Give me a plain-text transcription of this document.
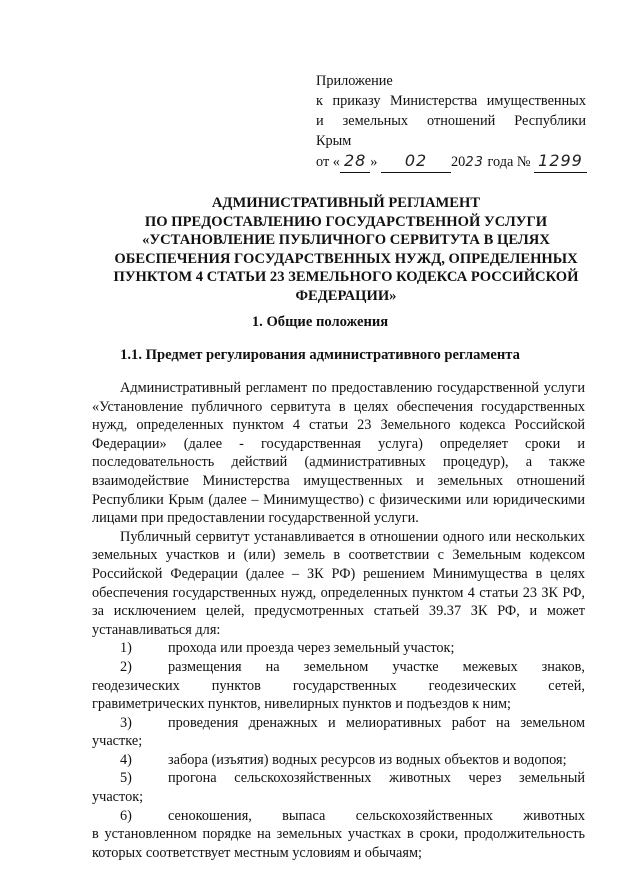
Приложение
к приказу Министерства имущественных
и земельных отношений Республики
Крым
от « 28 » 02 2023 года № 1299
АДМИНИСТРАТИВНЫЙ РЕГЛАМЕНТ
ПО ПРЕДОСТАВЛЕНИЮ ГОСУДАРСТВЕННОЙ УСЛУГИ
«УСТАНОВЛЕНИЕ ПУБЛИЧНОГО СЕРВИТУТА В ЦЕЛЯХ
ОБЕСПЕЧЕНИЯ ГОСУДАРСТВЕННЫХ НУЖД, ОПРЕДЕЛЕННЫХ
ПУНКТОМ 4 СТАТЬИ 23 ЗЕМЕЛЬНОГО КОДЕКСА РОССИЙСКОЙ
ФЕДЕРАЦИИ»
1. Общие положения
1.1. Предмет регулирования административного регламента

Административный регламент по предоставлению государственной услуги «Установление публичного сервитута в целях обеспечения государственных нужд, определенных пунктом 4 статьи 23 Земельного кодекса Российской Федерации» (далее - государственная услуга) определяет сроки и последовательность действий (административных процедур), а также взаимодействие Министерства имущественных и земельных отношений Республики Крым (далее – Минимущество) с физическими или юридическими лицами при предоставлении государственной услуги.

Публичный сервитут устанавливается в отношении одного или нескольких земельных участков и (или) земель в соответствии с Земельным кодексом Российской Федерации (далее – ЗК РФ) решением Минимущества в целях обеспечения государственных нужд, определенных пунктом 4 статьи 23 ЗК РФ, за исключением целей, предусмотренных статьей 39.37 ЗК РФ, и может устанавливаться для:

1)	прохода или проезда через земельный участок;
2)	размещения на земельном участке межевых знаков,
геодезических пунктов государственных геодезических сетей, гравиметрических пунктов, нивелирных пунктов и подъездов к ним;
3)	проведения дренажных и мелиоративных работ на земельном
участке;
4)	забора (изъятия) водных ресурсов из водных объектов и водопоя;
5)	прогона сельскохозяйственных животных через земельный
участок;
6)	сенокошения, выпаса сельскохозяйственных животных
в установленном порядке на земельных участках в сроки, продолжительность которых соответствует местным условиям и обычаям;
